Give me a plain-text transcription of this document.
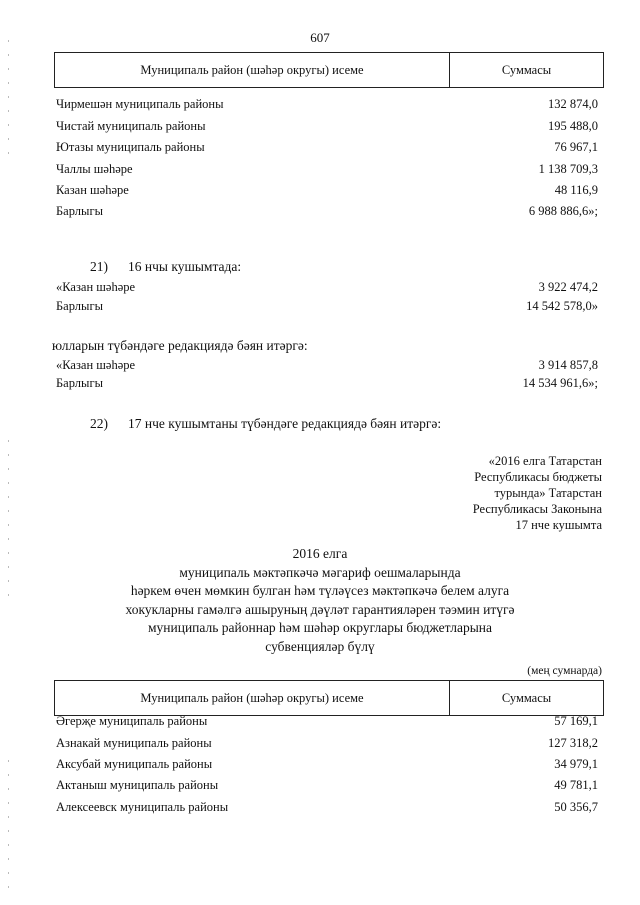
607
Муниципаль район (шәһәр округы) исеме	Суммасы
Чирмешән муниципаль районы	132 874,0
Чистай муниципаль районы	195 488,0
Ютазы муниципаль районы	76 967,1
Чаллы шәһәре	1 138 709,3
Казан шәһәре	48 116,9
Барлыгы	6 988 886,6»;
21) 16 нчы кушымтада:
«Казан шәһәре	3 922 474,2
Барлыгы	14 542 578,0»
юлларын түбәндәге редакциядә бәян итәргә:
«Казан шәһәре	3 914 857,8
Барлыгы	14 534 961,6»;
22) 17 нче кушымтаны түбәндәге редакциядә бәян итәргә:
«2016 елга Татарстан
Республикасы бюджеты
турында» Татарстан
Республикасы Законына
17 нче кушымта
2016 елга
муниципаль мәктәпкәчә мәгариф оешмаларында
һәркем өчен мөмкин булган һәм түләүсез мәктәпкәчә белем алуга
хокукларны гамәлгә ашыруның дәүләт гарантияләрен тәэмин итүгә
муниципаль районнар һәм шәһәр округлары бюджетларына
субвенцияләр бүлү
(мең сумнарда)
Муниципаль район (шәһәр округы) исеме	Суммасы
Әгерҗе муниципаль районы	57 169,1
Азнакай муниципаль районы	127 318,2
Аксубай муниципаль районы	34 979,1
Актаныш муниципаль районы	49 781,1
Алексеевск муниципаль районы	50 356,7
